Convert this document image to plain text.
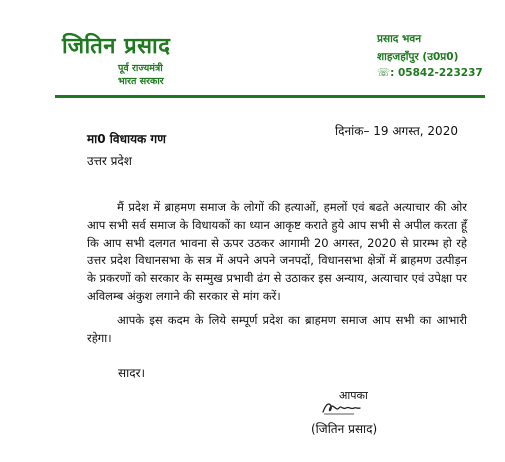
जितिन प्रसाद
पूर्व राज्यमंत्री
भारत सरकार
प्रसाद भवन
शाहजहाँपुर (उ0प्र0)
☏: 05842-223237
दिनांक– 19 अगस्त, 2020
मा0 विधायक गण
उत्तर प्रदेश

मैं प्रदेश में ब्राहमण समाज के लोगों की हत्याओं, हमलों एवं बढते अत्याचार की ओर आप सभी सर्व समाज के विधायकों का ध्यान आकृष्ट कराते हुये आप सभी से अपील करता हूँ कि आप सभी दलगत भावना से ऊपर उठकर आगामी 20 अगस्त, 2020 से प्रारम्भ हो रहे उत्तर प्रदेश विधानसभा के सत्र में अपने अपने जनपदों, विधानसभा क्षेत्रों में ब्राहमण उत्पीड़न के प्रकरणों को सरकार के सम्मुख प्रभावी ढंग से उठाकर इस अन्याय, अत्याचार एवं उपेक्षा पर अविलम्ब अंकुश लगाने की सरकार से मांग करें।

आपके इस कदम के लिये सम्पूर्ण प्रदेश का ब्राहमण समाज आप सभी का आभारी रहेगा।

सादर।
आपका
(जितिन प्रसाद)
